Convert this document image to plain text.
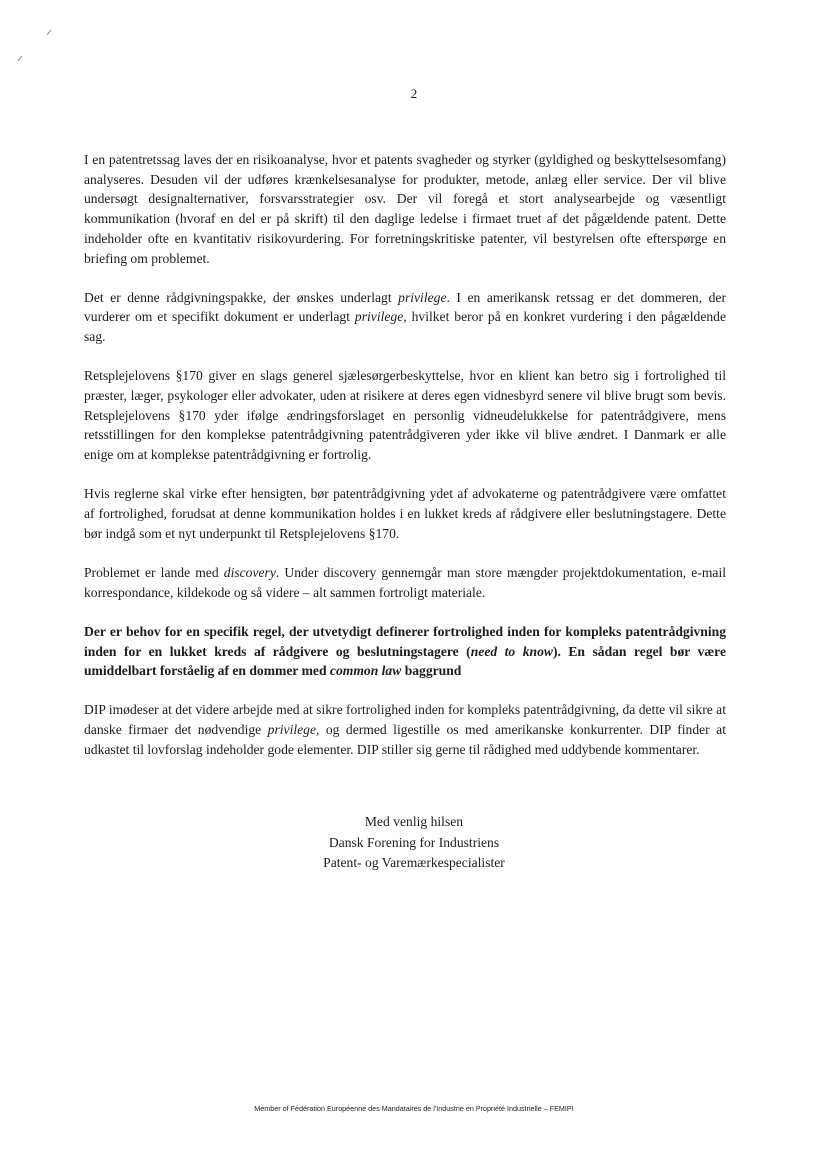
2

I en patentretssag laves der en risikoanalyse, hvor et patents svagheder og styrker (gyldighed og beskyttelsesomfang) analyseres. Desuden vil der udføres krænkelsesanalyse for produkter, metode, anlæg eller service. Der vil blive undersøgt designalternativer, forsvarsstrategier osv. Der vil foregå et stort analysearbejde og væsentligt kommunikation (hvoraf en del er på skrift) til den daglige ledelse i firmaet truet af det pågældende patent. Dette indeholder ofte en kvantitativ risikovurdering. For forretningskritiske patenter, vil bestyrelsen ofte efterspørge en briefing om problemet.

Det er denne rådgivningspakke, der ønskes underlagt privilege. I en amerikansk retssag er det dommeren, der vurderer om et specifikt dokument er underlagt privilege, hvilket beror på en konkret vurdering i den pågældende sag.

Retsplejelovens §170 giver en slags generel sjælesørgerbeskyttelse, hvor en klient kan betro sig i fortrolighed til præster, læger, psykologer eller advokater, uden at risikere at deres egen vidnesbyrd senere vil blive brugt som bevis. Retsplejelovens §170 yder ifølge ændringsforslaget en personlig vidneudelukkelse for patentrådgivere, mens retsstillingen for den komplekse patentrådgivning patentrådgiveren yder ikke vil blive ændret. I Danmark er alle enige om at komplekse patentrådgivning er fortrolig.

Hvis reglerne skal virke efter hensigten, bør patentrådgivning ydet af advokaterne og patentrådgivere være omfattet af fortrolighed, forudsat at denne kommunikation holdes i en lukket kreds af rådgivere eller beslutningstagere. Dette bør indgå som et nyt underpunkt til Retsplejelovens §170.

Problemet er lande med discovery. Under discovery gennemgår man store mængder projektdokumentation, e-mail korrespondance, kildekode og så videre – alt sammen fortroligt materiale.

Der er behov for en specifik regel, der utvetydigt definerer fortrolighed inden for kompleks patentrådgivning inden for en lukket kreds af rådgivere og beslutningstagere (need to know). En sådan regel bør være umiddelbart forståelig af en dommer med common law baggrund

DIP imødeser at det videre arbejde med at sikre fortrolighed inden for kompleks patentrådgivning, da dette vil sikre at danske firmaer det nødvendige privilege, og dermed ligestille os med amerikanske konkurrenter. DIP finder at udkastet til lovforslag indeholder gode elementer. DIP stiller sig gerne til rådighed med uddybende kommentarer.

Med venlig hilsen
Dansk Forening for Industriens
Patent- og Varemærkespecialister
Member of Fédération Européenne des Mandataires de l'Industrie en Propriété Industrielle – FEMIPI
